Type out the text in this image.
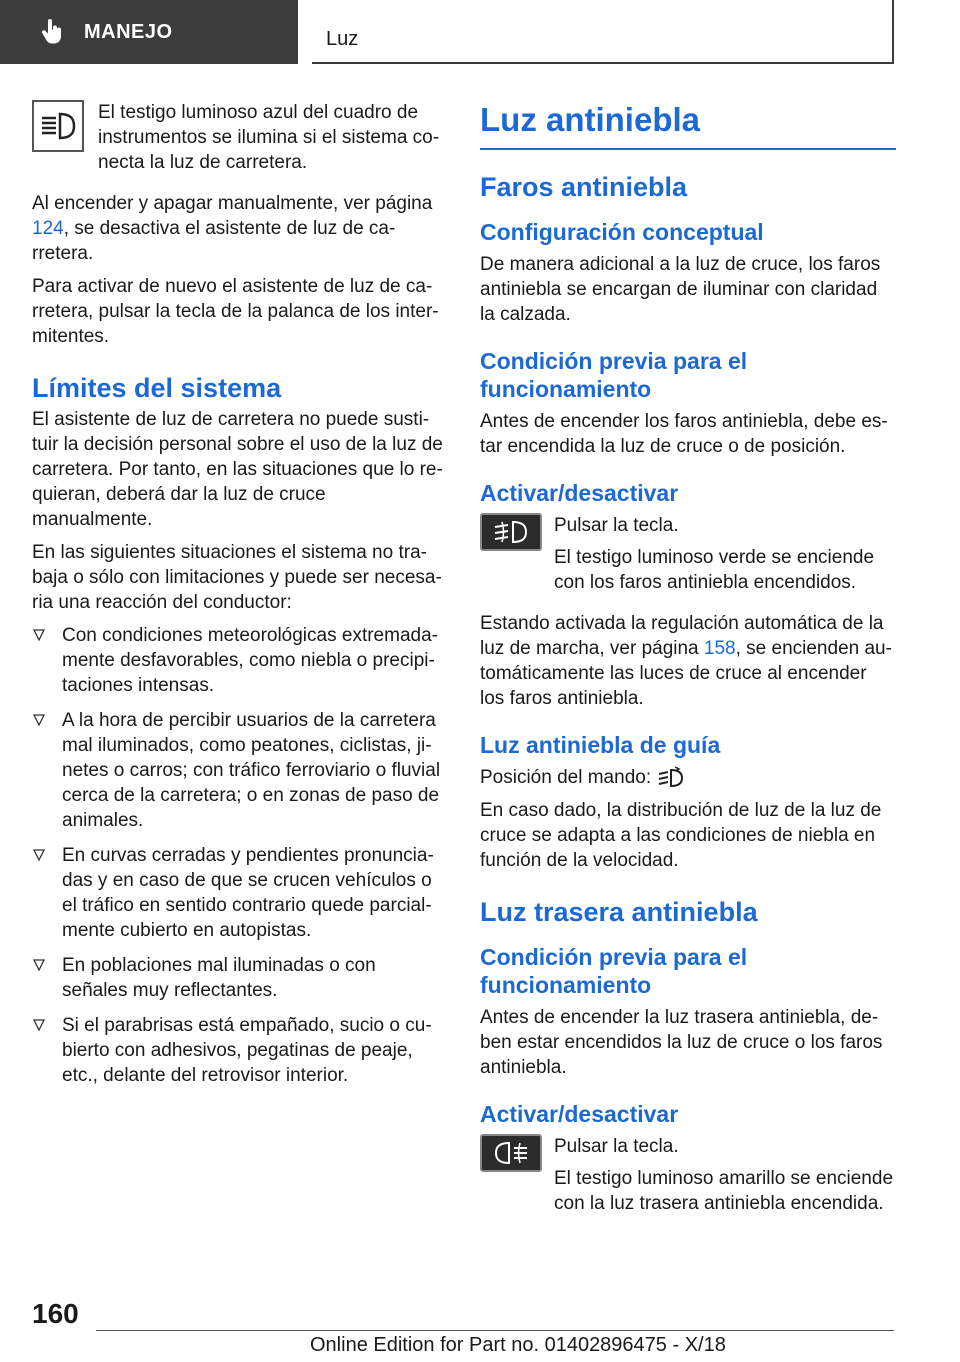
MANEJO	Luz

El testigo luminoso azul del cuadro de instrumentos se ilumina si el sistema conecta la luz de carretera.

Al encender y apagar manualmente, ver página 124, se desactiva el asistente de luz de carretera.

Para activar de nuevo el asistente de luz de carretera, pulsar la tecla de la palanca de los intermitentes.

Límites del sistema

El asistente de luz de carretera no puede sustituir la decisión personal sobre el uso de la luz de carretera. Por tanto, en las situaciones que lo requieran, deberá dar la luz de cruce manualmente.

En las siguientes situaciones el sistema no trabaja o sólo con limitaciones y puede ser necesaria una reacción del conductor:

Con condiciones meteorológicas extremadamente desfavorables, como niebla o precipitaciones intensas.
A la hora de percibir usuarios de la carretera mal iluminados, como peatones, ciclistas, jinetes o carros; con tráfico ferroviario o fluvial cerca de la carretera; o en zonas de paso de animales.
En curvas cerradas y pendientes pronunciadas y en caso de que se crucen vehículos o el tráfico en sentido contrario quede parcialmente cubierto en autopistas.
En poblaciones mal iluminadas o con señales muy reflectantes.
Si el parabrisas está empañado, sucio o cubierto con adhesivos, pegatinas de peaje, etc., delante del retrovisor interior.
Luz antiniebla
Faros antiniebla
Configuración conceptual

De manera adicional a la luz de cruce, los faros antiniebla se encargan de iluminar con claridad la calzada.

Condición previa para el funcionamiento

Antes de encender los faros antiniebla, debe estar encendida la luz de cruce o de posición.

Activar/desactivar

Pulsar la tecla.

El testigo luminoso verde se enciende con los faros antiniebla encendidos.

Estando activada la regulación automática de la luz de marcha, ver página 158, se encienden automáticamente las luces de cruce al encender los faros antiniebla.

Luz antiniebla de guía

Posición del mando:

En caso dado, la distribución de luz de la luz de cruce se adapta a las condiciones de niebla en función de la velocidad.

Luz trasera antiniebla
Condición previa para el funcionamiento

Antes de encender la luz trasera antiniebla, deben estar encendidos la luz de cruce o los faros antiniebla.

Activar/desactivar

Pulsar la tecla.

El testigo luminoso amarillo se enciende con la luz trasera antiniebla encendida.

160
Online Edition for Part no. 01402896475 - X/18
